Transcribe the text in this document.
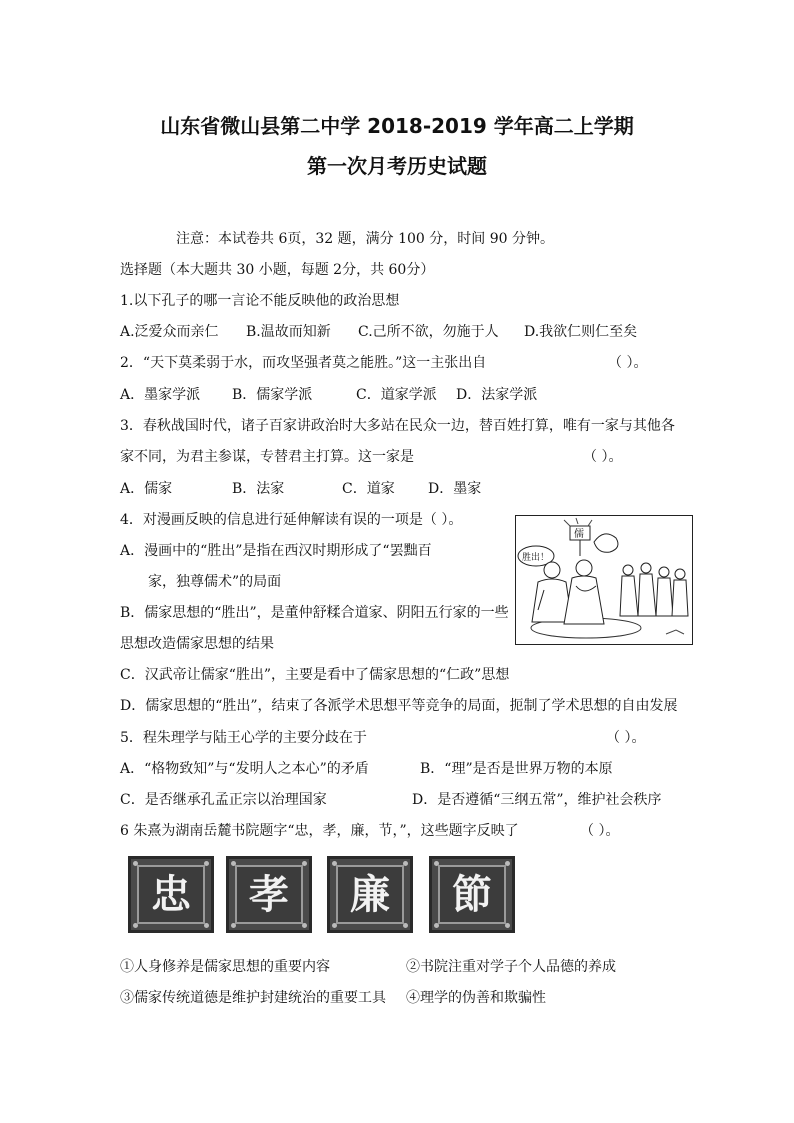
山东省微山县第二中学 2018-2019 学年高二上学期
第一次月考历史试题
注意：本试卷共 6页，32 题，满分 100 分，时间 90 分钟。
选择题（本大题共 30 小题，每题 2分，共 60分）
1.以下孔子的哪一言论不能反映他的政治思想
A.泛爱众而亲仁 B.温故而知新 C.己所不欲，勿施于人 D.我欲仁则仁至矣
2．“天下莫柔弱于水，而攻坚强者莫之能胜。”这一主张出自	（ ）。
A．墨家学派 B．儒家学派	C．道家学派 D．法家学派
3．春秋战国时代，诸子百家讲政治时大多站在民众一边，替百姓打算，唯有一家与其他各
家不同，为君主参谋，专替君主打算。这一家是	（ ）。
A．儒家	B．法家	C．道家 D．墨家
4．对漫画反映的信息进行延伸解读有误的一项是（ ）。
A．漫画中的“胜出”是指在西汉时期形成了“罢黜百
家，独尊儒术”的局面
B．儒家思想的“胜出”，是董仲舒糅合道家、阴阳五行家的一些
思想改造儒家思想的结果
C．汉武帝让儒家“胜出”，主要是看中了儒家思想的“仁政”思想
D．儒家思想的“胜出”，结束了各派学术思想平等竞争的局面，扼制了学术思想的自由发展
胜出！
儒
5．程朱理学与陆王心学的主要分歧在于	（ ）。
A．“格物致知”与“发明人之本心”的矛盾	B．“理”是否是世界万物的本原
C．是否继承孔孟正宗以治理国家	D．是否遵循“三纲五常”，维护社会秩序
6 朱熹为湖南岳麓书院题字“忠，孝，廉，节，”，这些题字反映了	（ ）。
忠	孝	廉	節
①人身修养是儒家思想的重要内容	②书院注重对学子个人品德的养成
③儒家传统道德是维护封建统治的重要工具 ④理学的伪善和欺骗性
